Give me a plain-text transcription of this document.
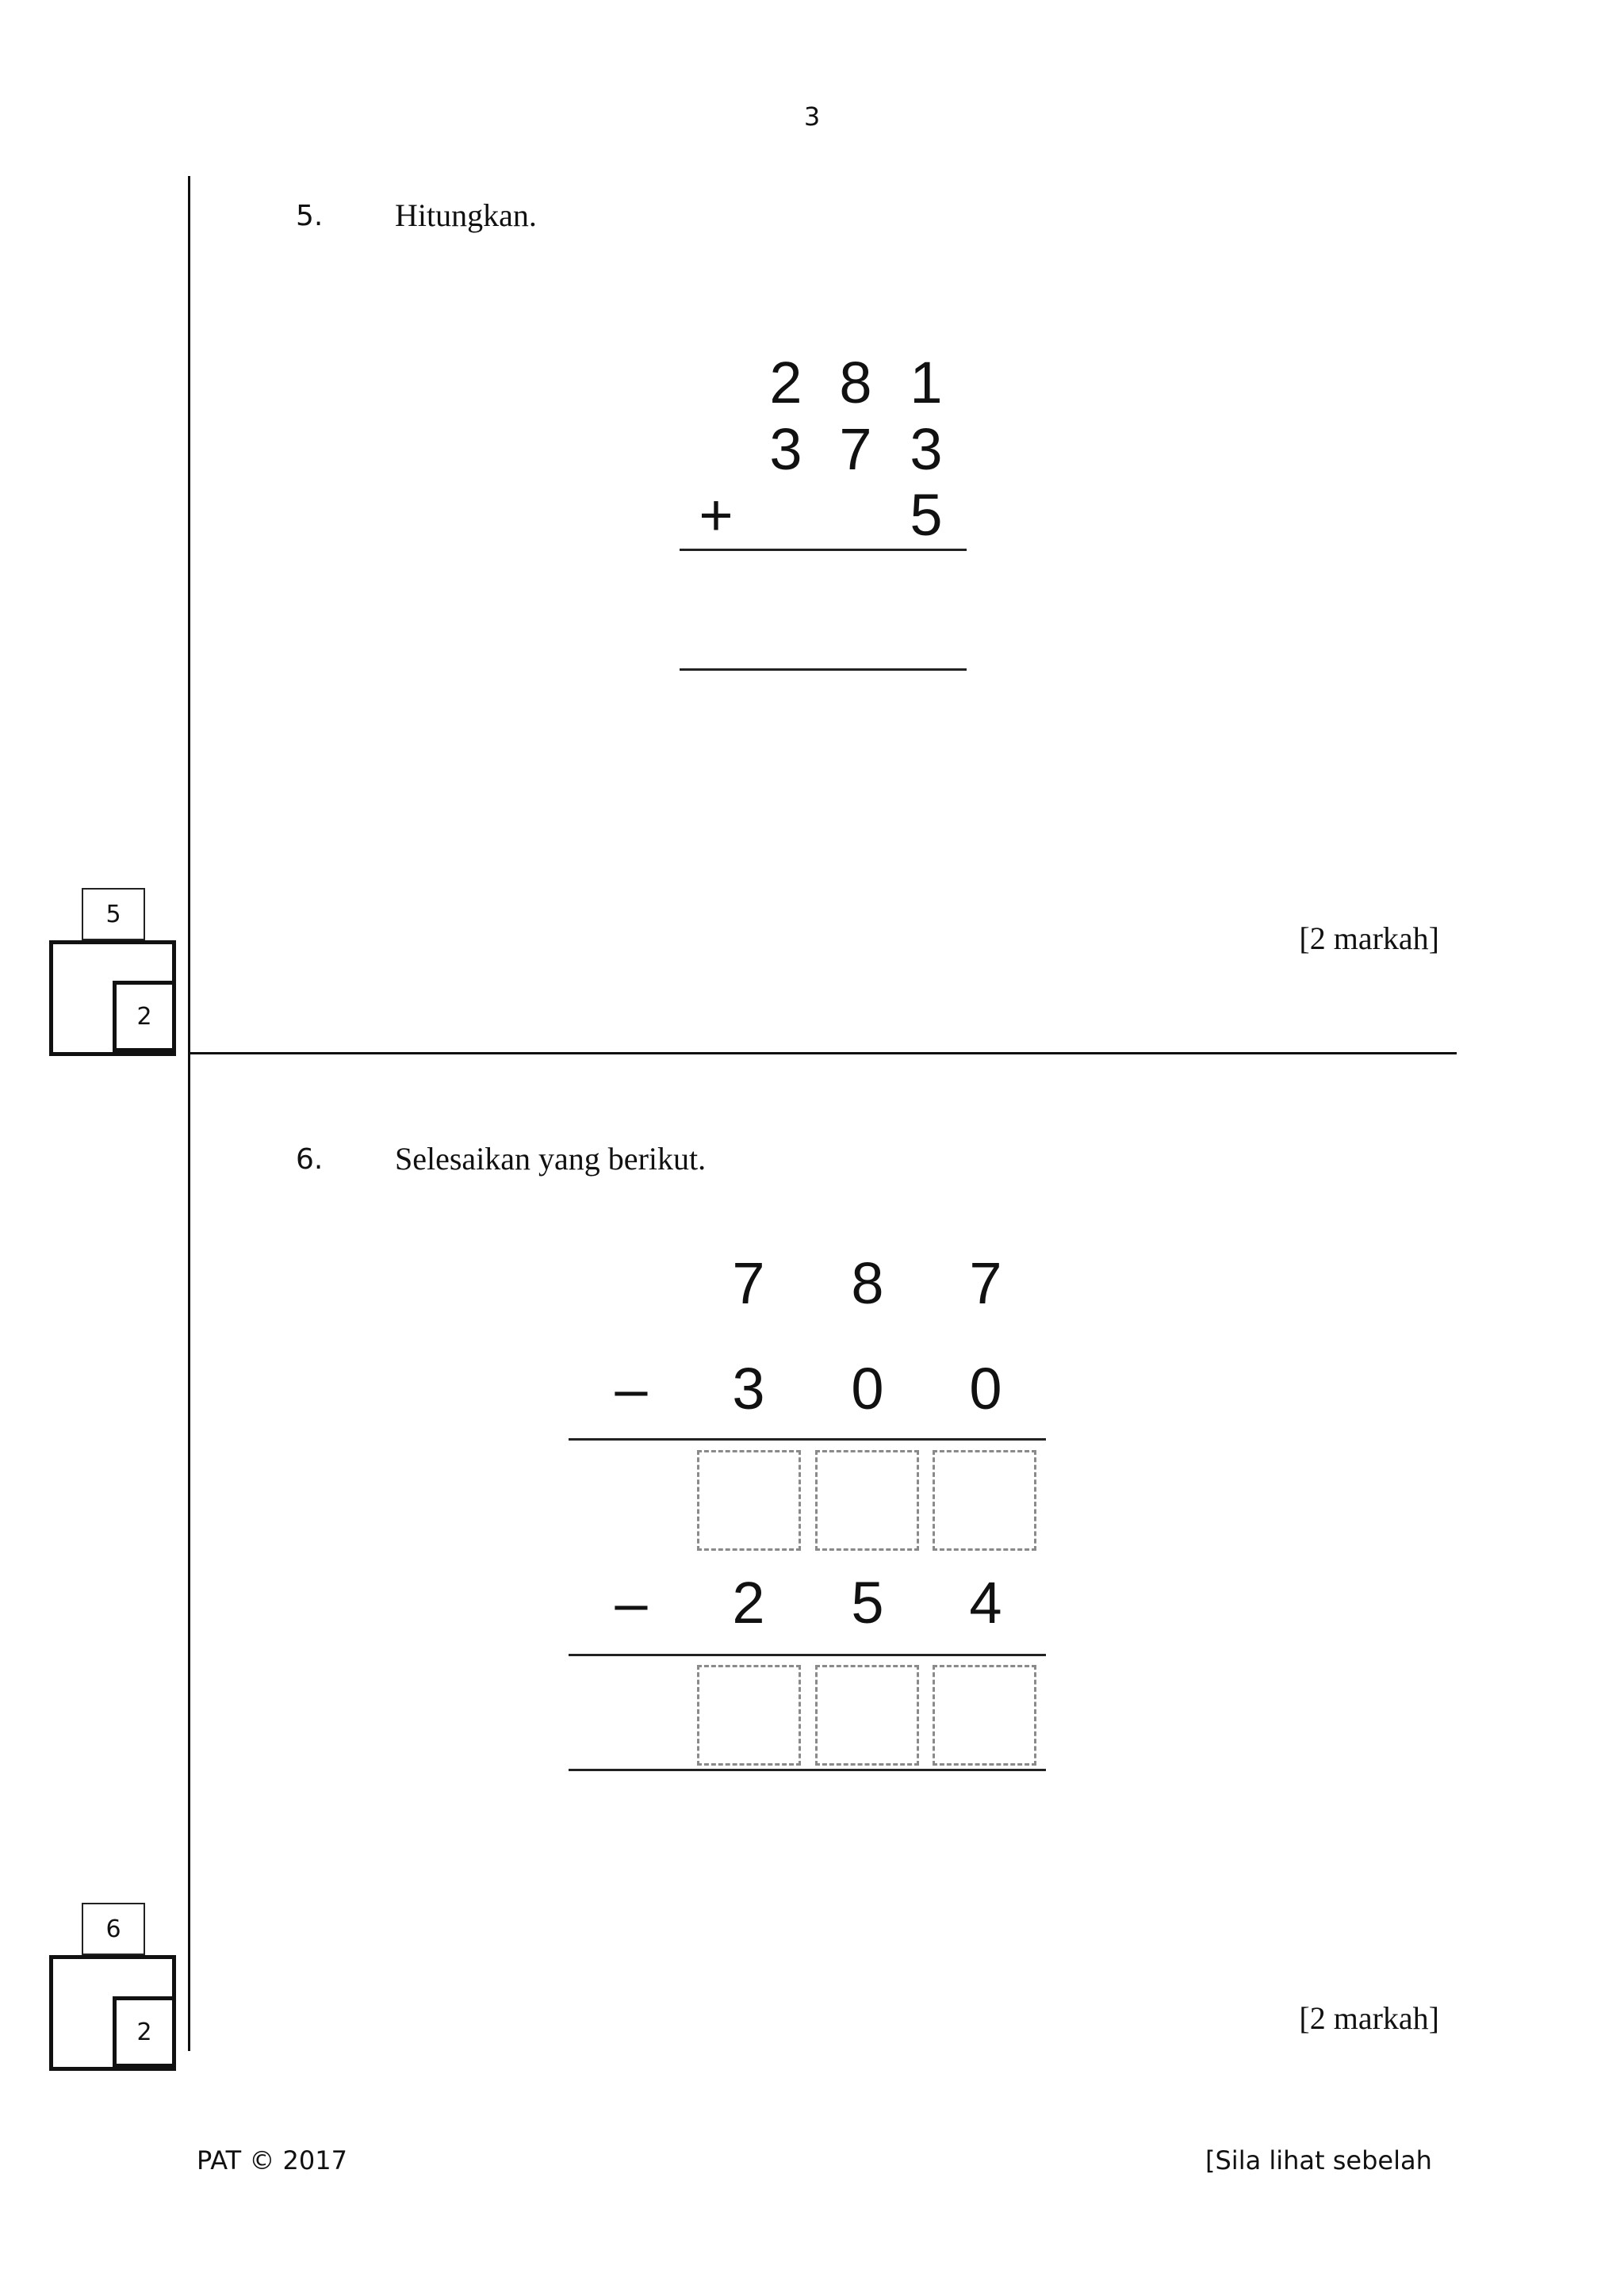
3
5. Hitungkan.
2 8 1
3 7 3
+	5
[2 markah]
5
2
6. Selesaikan yang berikut.
7 8 7
– 3 0 0
– 2 5 4
[2 markah]
6
2
PAT © 2017	[Sila lihat sebelah
